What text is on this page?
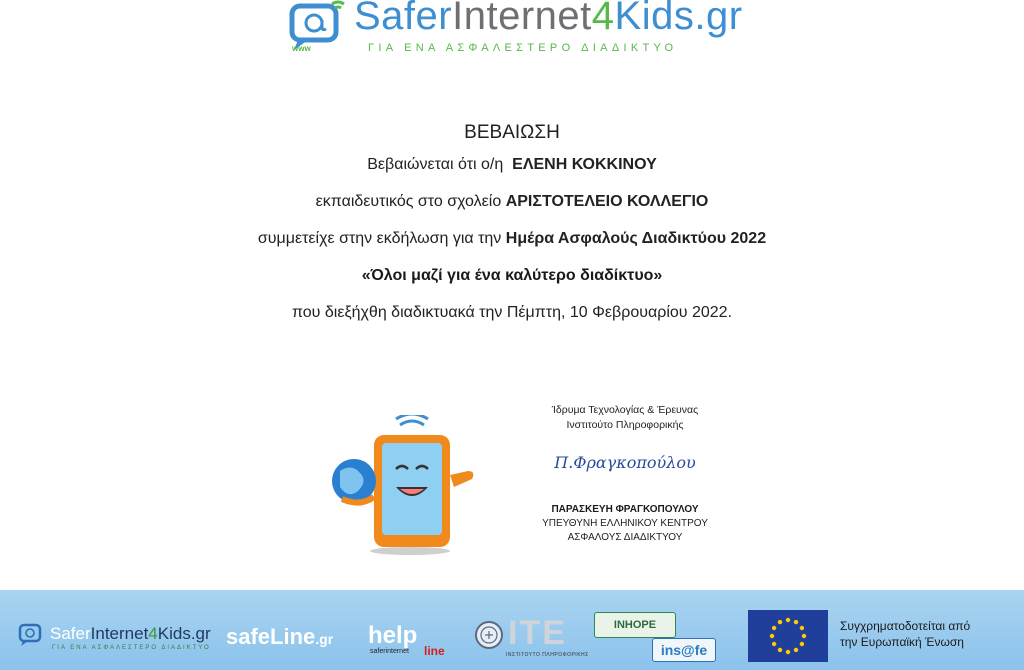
SaferInternet4Kids.gr
ΓΙΑ ΕΝΑ ΑΣΦΑΛΕΣΤΕΡΟ ΔΙΑΔΙΚΤΥΟ
www
ΒΕΒΑΙΩΣΗ
Βεβαιώνεται ότι ο/η ΕΛΕΝΗ ΚΟΚΚΙΝΟΥ
εκπαιδευτικός στο σχολείο ΑΡΙΣΤΟΤΕΛΕΙΟ ΚΟΛΛΕΓΙΟ
συμμετείχε στην εκδήλωση για την Ημέρα Ασφαλούς Διαδικτύου 2022
«Όλοι μαζί για ένα καλύτερο διαδίκτυο»
που διεξήχθη διαδικτυακά την Πέμπτη, 10 Φεβρουαρίου 2022.
Ίδρυμα Τεχνολογίας & Έρευνας
Ινστιτούτο Πληροφορικής
Π.Φραγκοπούλου
ΠΑΡΑΣΚΕΥΗ ΦΡΑΓΚΟΠΟΥΛΟΥ
ΥΠΕΥΘΥΝΗ ΕΛΛΗΝΙΚΟΥ ΚΕΝΤΡΟΥ
ΑΣΦΑΛΟΥΣ ΔΙΑΔΙΚΤΥΟΥ
SaferInternet4Kids.gr
ΓΙΑ ΕΝΑ ΑΣΦΑΛΕΣΤΕΡΟ ΔΙΑΔΙΚΤΥΟ safeLine.gr help
saferinternet line ΙΤΕ
ΙΝΣΤΙΤΟΥΤΟ ΠΛΗΡΟΦΟΡΙΚΗΣ
INHOPE
ins@fe
Συγχρηματοδοτείται από
την Ευρωπαϊκή Ένωση
